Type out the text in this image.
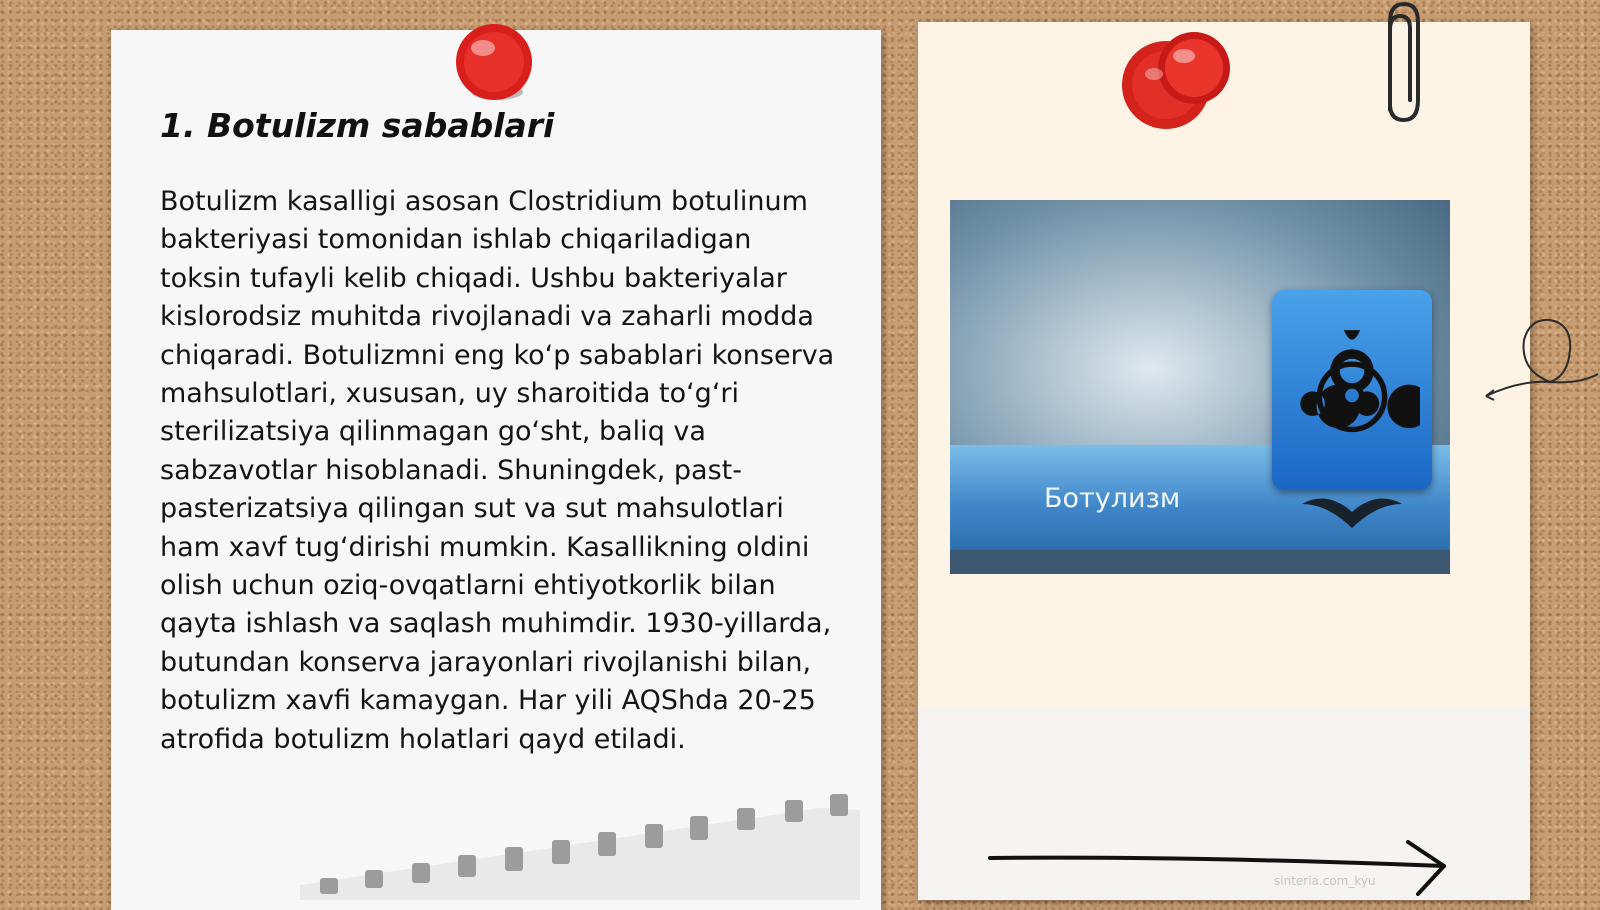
1. Botulizm sabablari
Botulizm kasalligi asosan Clostridium botulinum bakteriyasi tomonidan ishlab chiqariladigan toksin tufayli kelib chiqadi. Ushbu bakteriyalar kislorodsiz muhitda rivojlanadi va zaharli modda chiqaradi. Botulizmni eng ko‘p sabablari konserva mahsulotlari, xususan, uy sharoitida to‘g‘ri sterilizatsiya qilinmagan go‘sht, baliq va sabzavotlar hisoblanadi. Shuningdek, past-pasterizatsiya qilingan sut va sut mahsulotlari ham xavf tug‘dirishi mumkin. Kasallikning oldini olish uchun oziq-ovqatlarni ehtiyotkorlik bilan qayta ishlash va saqlash muhimdir. 1930-yillarda, butundan konserva jarayonlari rivojlanishi bilan, botulizm xavfi kamaygan. Har yili AQShda 20-25 atrofida botulizm holatlari qayd etiladi.
Ботулизм
sinteria.com_kyu
